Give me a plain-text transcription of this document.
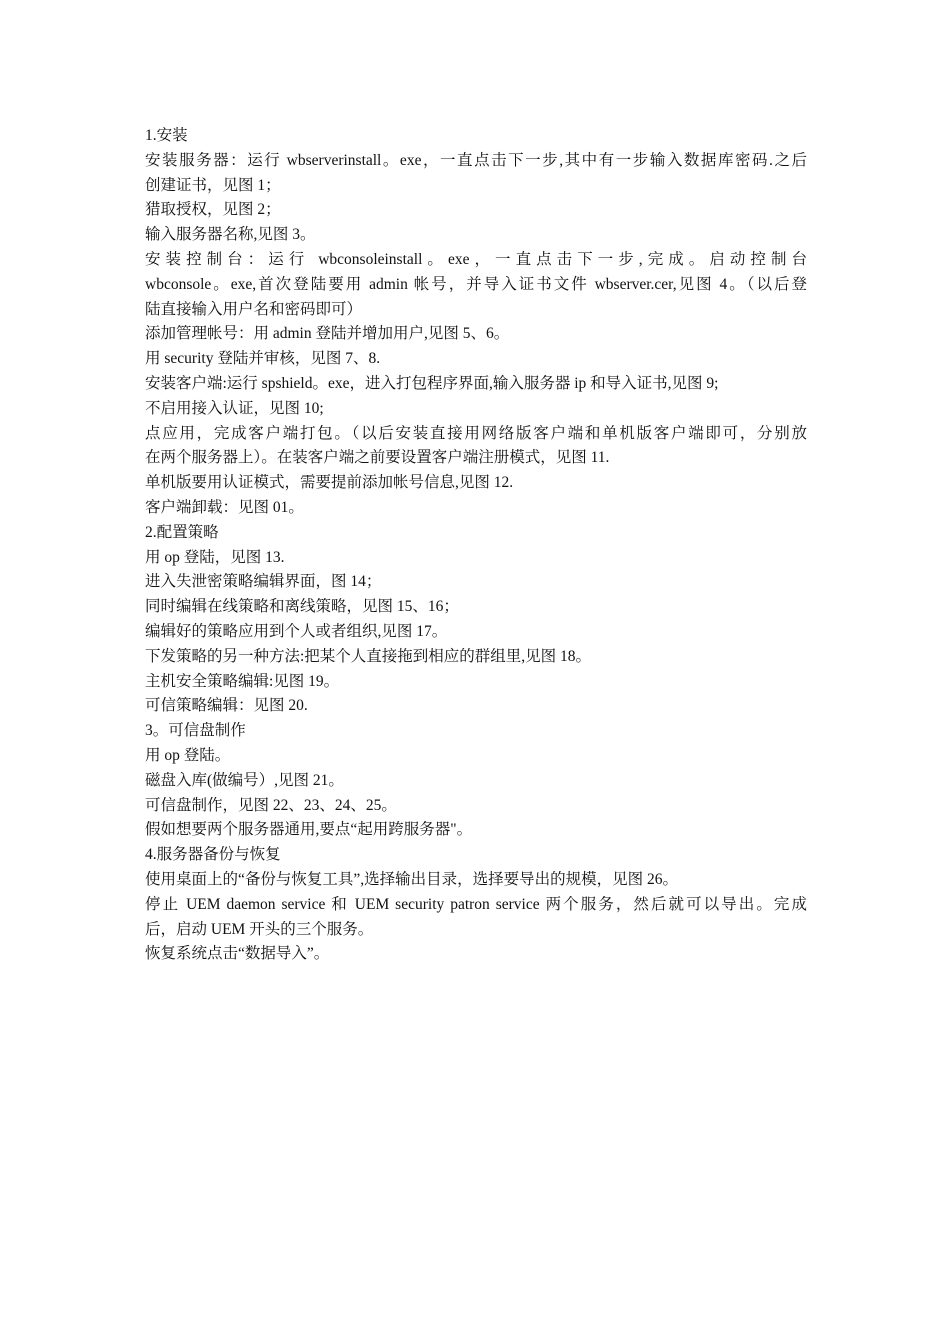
1.安装
安装服务器：运行 wbserverinstall。exe，一直点击下一步,其中有一步输入数据库密码.之后
创建证书，见图 1；
猎取授权，见图 2；
输入服务器名称,见图 3。
安装控制台：运行 wbconsoleinstall。exe，一直点击下一步,完成。启动控制台
wbconsole。exe,首次登陆要用 admin 帐号，并导入证书文件 wbserver.cer,见图 4。（以后登
陆直接输入用户名和密码即可）
添加管理帐号：用 admin 登陆并增加用户,见图 5、6。
用 security 登陆并审核，见图 7、8.
安装客户端:运行 spshield。exe，进入打包程序界面,输入服务器 ip 和导入证书,见图 9;
不启用接入认证，见图 10;
点应用，完成客户端打包。（以后安装直接用网络版客户端和单机版客户端即可，分别放
在两个服务器上）。在装客户端之前要设置客户端注册模式，见图 11.
单机版要用认证模式，需要提前添加帐号信息,见图 12.
客户端卸载：见图 01。
2.配置策略
用 op 登陆，见图 13.
进入失泄密策略编辑界面，图 14；
同时编辑在线策略和离线策略，见图 15、16；
编辑好的策略应用到个人或者组织,见图 17。
下发策略的另一种方法:把某个人直接拖到相应的群组里,见图 18。
主机安全策略编辑:见图 19。
可信策略编辑：见图 20.
3。可信盘制作
用 op 登陆。
磁盘入库(做编号）,见图 21。
可信盘制作，见图 22、23、24、25。
假如想要两个服务器通用,要点“起用跨服务器"。
4.服务器备份与恢复
使用桌面上的“备份与恢复工具”,选择输出目录，选择要导出的规模，见图 26。
停止 UEM daemon service 和 UEM security patron service 两个服务，然后就可以导出。完成
后，启动 UEM 开头的三个服务。
恢复系统点击“数据导入”。
